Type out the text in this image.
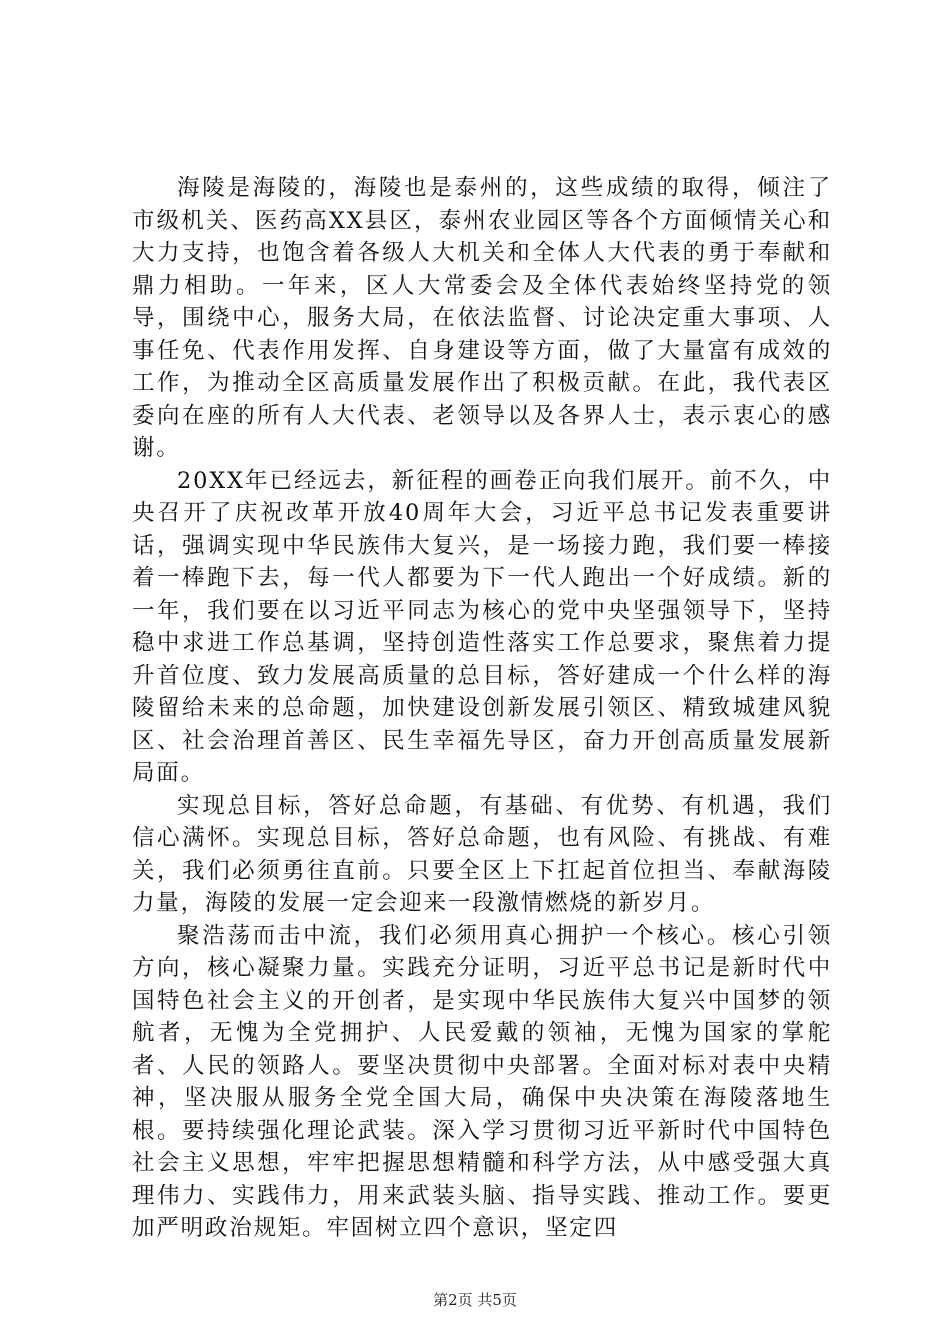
海陵是海陵的，海陵也是泰州的，这些成绩的取得，倾注了市级机关、医药高XX县区，泰州农业园区等各个方面倾情关心和大力支持，也饱含着各级人大机关和全体人大代表的勇于奉献和鼎力相助。一年来，区人大常委会及全体代表始终坚持党的领导，围绕中心，服务大局，在依法监督、讨论决定重大事项、人事任免、代表作用发挥、自身建设等方面，做了大量富有成效的工作，为推动全区高质量发展作出了积极贡献。在此，我代表区委向在座的所有人大代表、老领导以及各界人士，表示衷心的感谢。

20XX年已经远去，新征程的画卷正向我们展开。前不久，中央召开了庆祝改革开放40周年大会，习近平总书记发表重要讲话，强调实现中华民族伟大复兴，是一场接力跑，我们要一棒接着一棒跑下去，每一代人都要为下一代人跑出一个好成绩。新的一年，我们要在以习近平同志为核心的党中央坚强领导下，坚持稳中求进工作总基调，坚持创造性落实工作总要求，聚焦着力提升首位度、致力发展高质量的总目标，答好建成一个什么样的海陵留给未来的总命题，加快建设创新发展引领区、精致城建风貌区、社会治理首善区、民生幸福先导区，奋力开创高质量发展新局面。

实现总目标，答好总命题，有基础、有优势、有机遇，我们信心满怀。实现总目标，答好总命题，也有风险、有挑战、有难关，我们必须勇往直前。只要全区上下扛起首位担当、奉献海陵力量，海陵的发展一定会迎来一段激情燃烧的新岁月。

聚浩荡而击中流，我们必须用真心拥护一个核心。核心引领方向，核心凝聚力量。实践充分证明，习近平总书记是新时代中国特色社会主义的开创者，是实现中华民族伟大复兴中国梦的领航者，无愧为全党拥护、人民爱戴的领袖，无愧为国家的掌舵者、人民的领路人。要坚决贯彻中央部署。全面对标对表中央精神，坚决服从服务全党全国大局，确保中央决策在海陵落地生根。要持续强化理论武装。深入学习贯彻习近平新时代中国特色社会主义思想，牢牢把握思想精髓和科学方法，从中感受强大真理伟力、实践伟力，用来武装头脑、指导实践、推动工作。要更加严明政治规矩。牢固树立四个意识，坚定四

第2页 共5页
